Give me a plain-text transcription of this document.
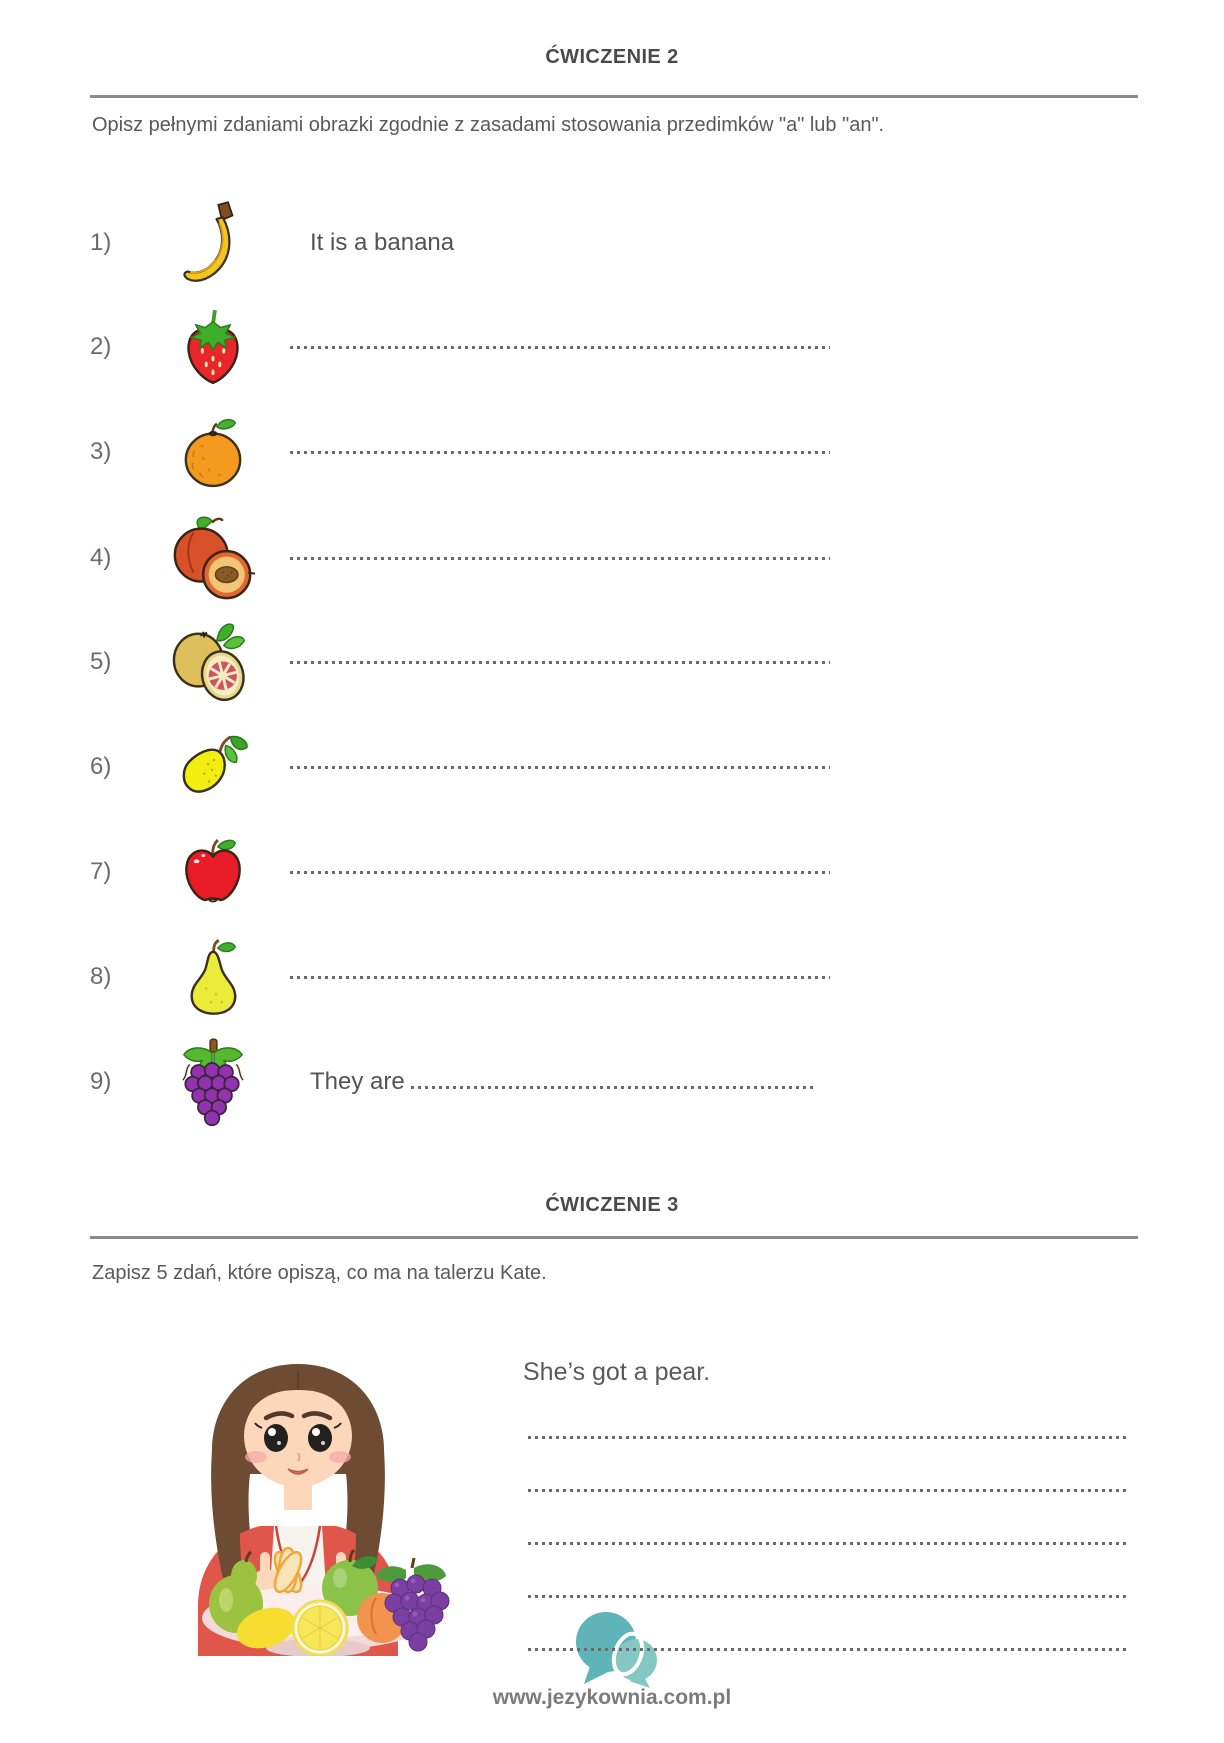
ĆWICZENIE 2
Opisz pełnymi zdaniami obrazki zgodnie z zasadami stosowania przedimków "a" lub "an".
1)	It is a banana
2)
3)
4)
5)
6)
7)
8)
9)	They are
ĆWICZENIE 3
Zapisz 5 zdań, które opiszą, co ma na talerzu Kate.
She’s got a pear.
www.jezykownia.com.pl
